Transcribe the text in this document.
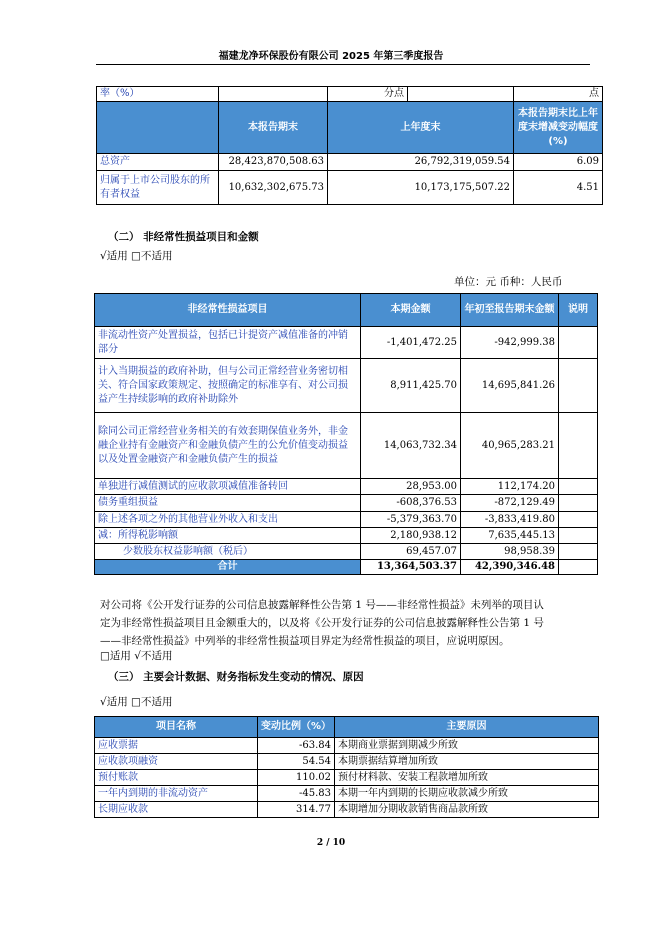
福建龙净环保股份有限公司 2025 年第三季度报告
率（%）		分点		点
	本报告期末	上年度末		本报告期末比上年度末增减变动幅度(%)
总资产	28,423,870,508.63	26,792,319,059.54		6.09
归属于上市公司股东的所有者权益	10,632,302,675.73	10,173,175,507.22		4.51
（二） 非经常性损益项目和金额
√适用 □不适用
单位：元 币种：人民币
非经常性损益项目	本期金额	年初至报告期末金额	说明
非流动性资产处置损益，包括已计提资产减值准备的冲销部分	-1,401,472.25	-942,999.38	
计入当期损益的政府补助，但与公司正常经营业务密切相关、符合国家政策规定、按照确定的标准享有、对公司损益产生持续影响的政府补助除外	8,911,425.70	14,695,841.26	
除同公司正常经营业务相关的有效套期保值业务外，非金融企业持有金融资产和金融负债产生的公允价值变动损益以及处置金融资产和金融负债产生的损益	14,063,732.34	40,965,283.21	
单独进行减值测试的应收款项减值准备转回	28,953.00	112,174.20	
债务重组损益	-608,376.53	-872,129.49	
除上述各项之外的其他营业外收入和支出	-5,379,363.70	-3,833,419.80	
减：所得税影响额	2,180,938.12	7,635,445.13	
少数股东权益影响额（税后）	69,457.07	98,958.39	
合计	13,364,503.37	42,390,346.48	
对公司将《公开发行证券的公司信息披露解释性公告第 1 号——非经常性损益》未列举的项目认
定为非经常性损益项目且金额重大的，以及将《公开发行证券的公司信息披露解释性公告第 1 号
——非经常性损益》中列举的非经常性损益项目界定为经常性损益的项目，应说明原因。
□适用 √不适用
（三） 主要会计数据、财务指标发生变动的情况、原因
√适用 □不适用
项目名称	变动比例（%）	主要原因
应收票据	-63.84	本期商业票据到期减少所致
应收款项融资	54.54	本期票据结算增加所致
预付账款	110.02	预付材料款、安装工程款增加所致
一年内到期的非流动资产	-45.83	本期一年内到期的长期应收款减少所致
长期应收款	314.77	本期增加分期收款销售商品款所致
2 / 10
